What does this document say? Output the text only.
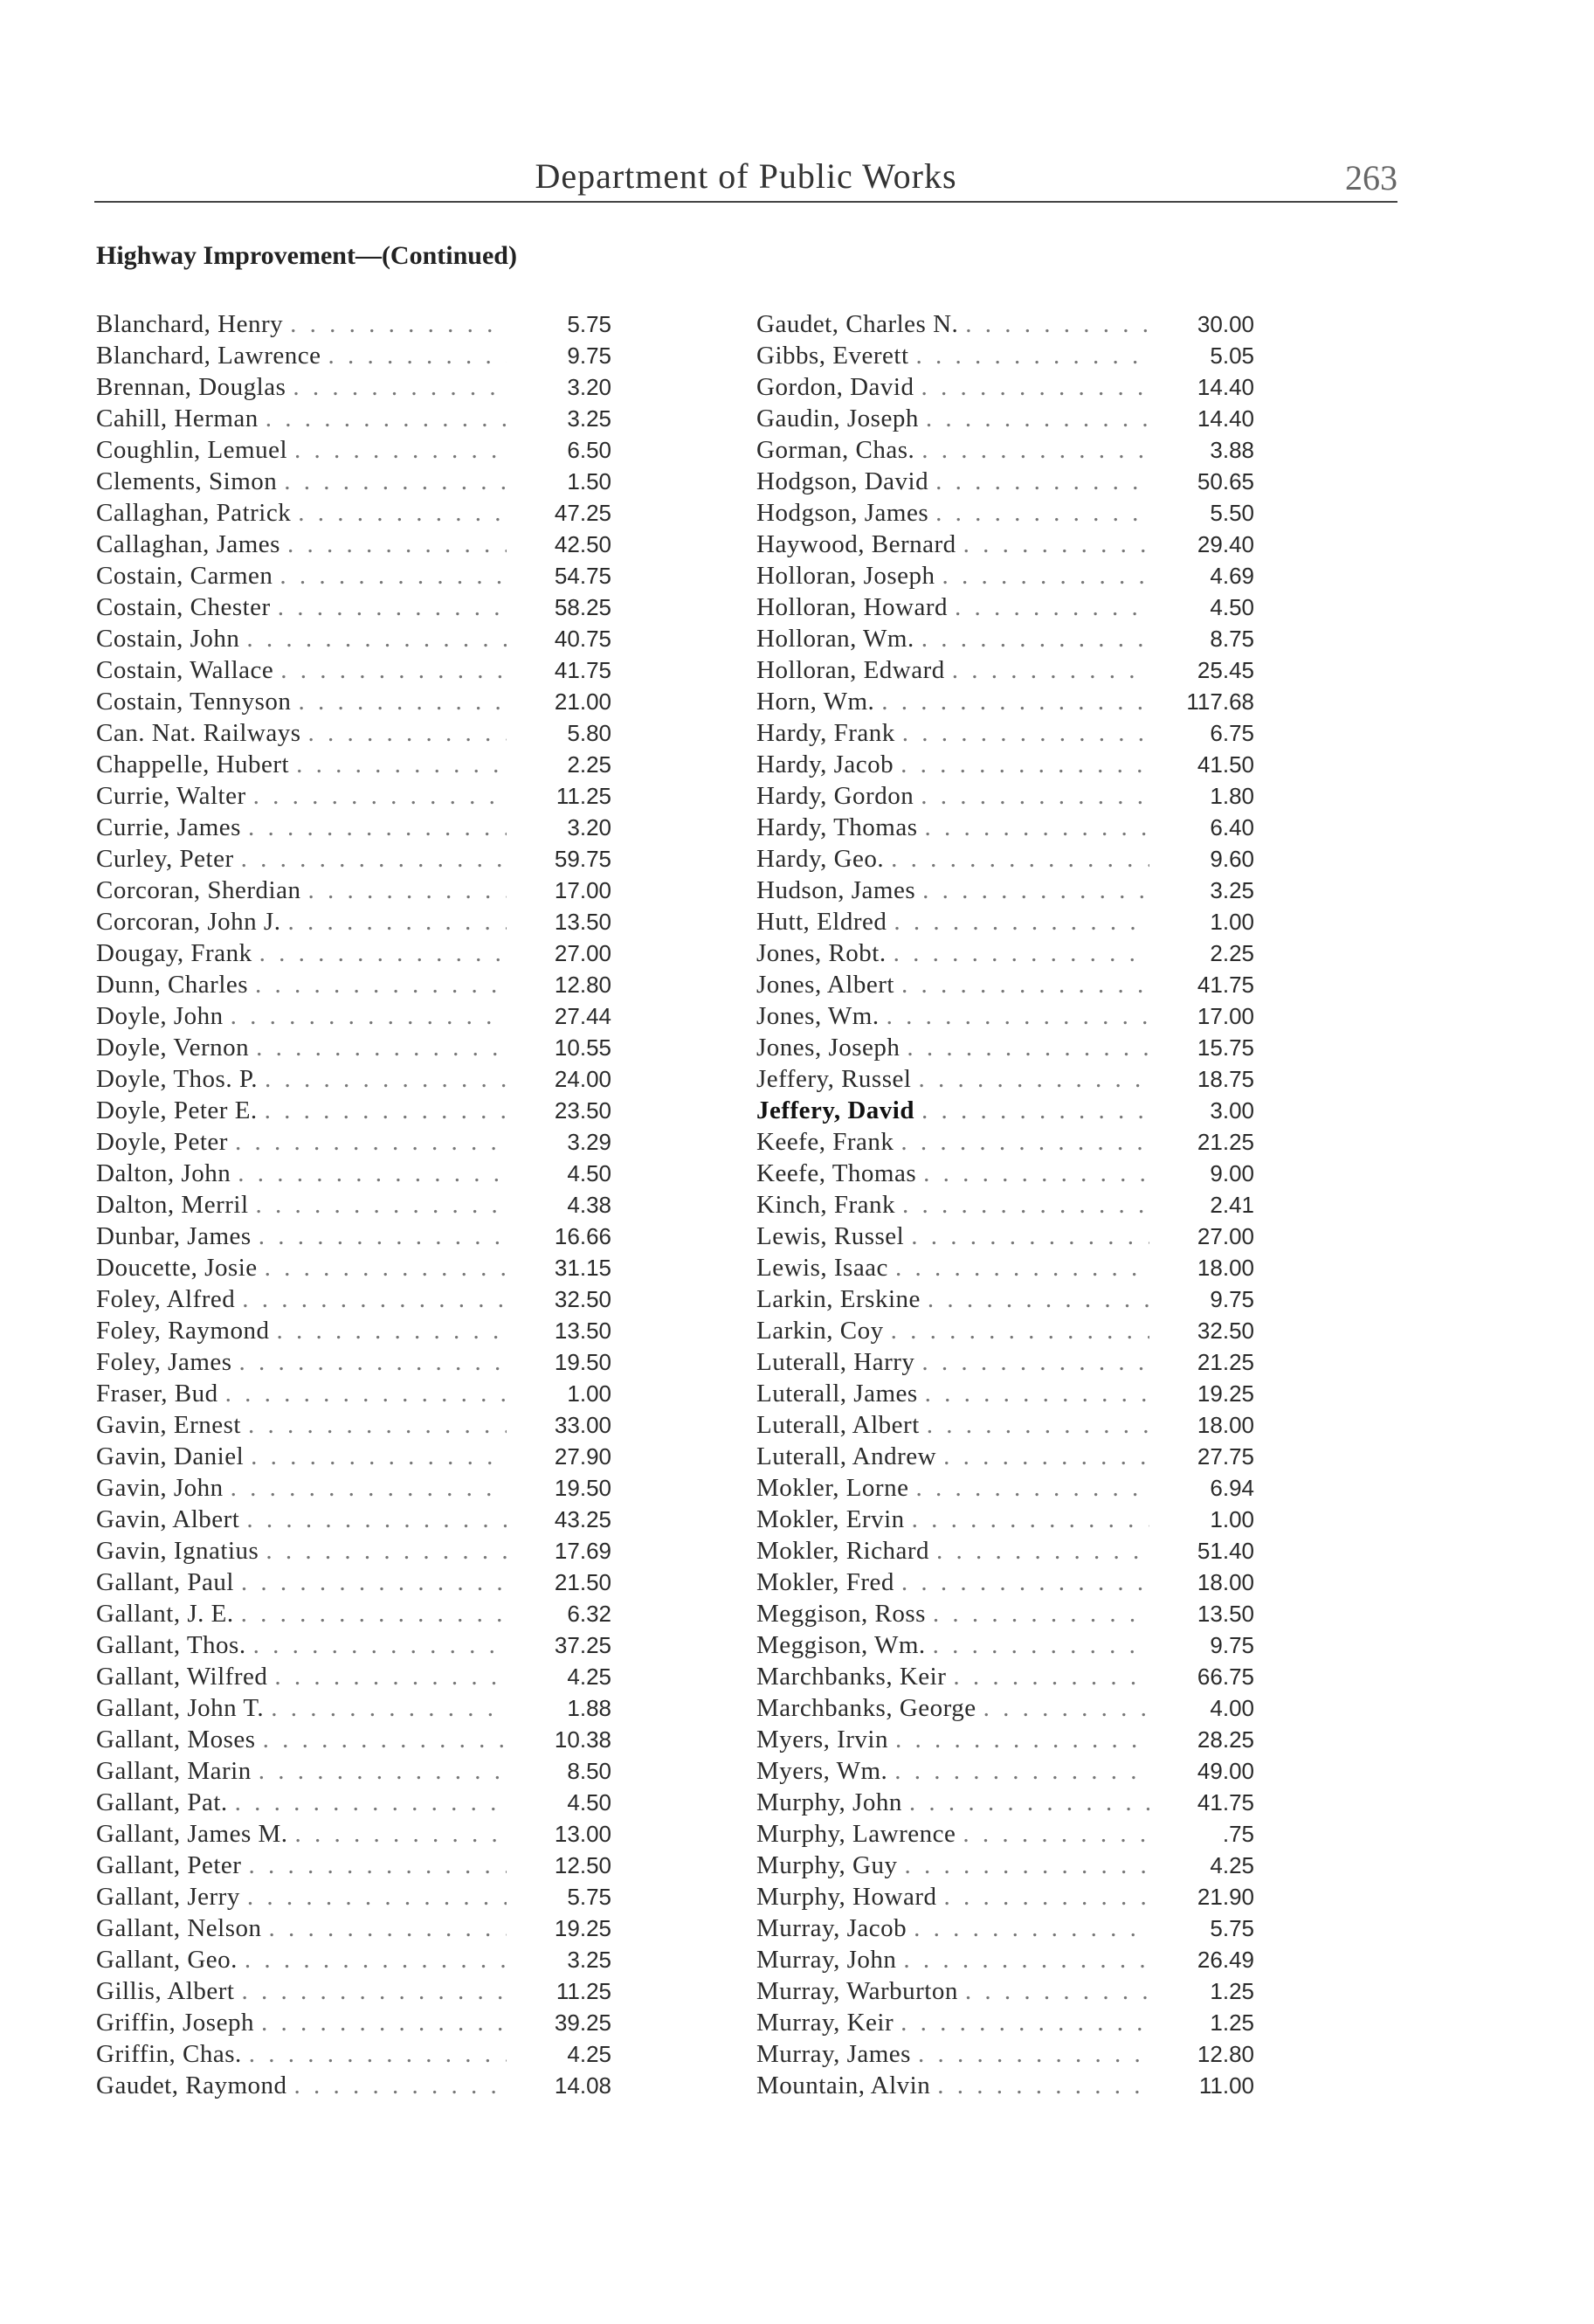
Department of Public Works	263
Highway Improvement—(Continued)
Blanchard, Henry . . .	5.75
Blanchard, Lawrence . . .	9.75
Brennan, Douglas . . .	3.20
Cahill, Herman . . .	3.25
Coughlin, Lemuel . . .	6.50
Clements, Simon . . .	1.50
Callaghan, Patrick . . .	47.25
Callaghan, James . . .	42.50
Costain, Carmen . . .	54.75
Costain, Chester . . .	58.25
Costain, John . . .	40.75
Costain, Wallace . . .	41.75
Costain, Tennyson . . .	21.00
Can. Nat. Railways . . .	5.80
Chappelle, Hubert . . .	2.25
Currie, Walter . . .	11.25
Currie, James . . .	3.20
Curley, Peter . . .	59.75
Corcoran, Sherdian . . .	17.00
Corcoran, John J. . . .	13.50
Dougay, Frank . . .	27.00
Dunn, Charles . . .	12.80
Doyle, John . . .	27.44
Doyle, Vernon . . .	10.55
Doyle, Thos. P. . . .	24.00
Doyle, Peter E. . . .	23.50
Doyle, Peter . . .	3.29
Dalton, John . . .	4.50
Dalton, Merril . . .	4.38
Dunbar, James . . .	16.66
Doucette, Josie . . .	31.15
Foley, Alfred . . .	32.50
Foley, Raymond . . .	13.50
Foley, James . . .	19.50
Fraser, Bud . . .	1.00
Gavin, Ernest . . .	33.00
Gavin, Daniel . . .	27.90
Gavin, John . . .	19.50
Gavin, Albert . . .	43.25
Gavin, Ignatius . . .	17.69
Gallant, Paul . . .	21.50
Gallant, J. E. . . .	6.32
Gallant, Thos. . . .	37.25
Gallant, Wilfred . . .	4.25
Gallant, John T. . . .	1.88
Gallant, Moses . . .	10.38
Gallant, Marin . . .	8.50
Gallant, Pat. . . .	4.50
Gallant, James M. . . .	13.00
Gallant, Peter . . .	12.50
Gallant, Jerry . . .	5.75
Gallant, Nelson . . .	19.25
Gallant, Geo. . . .	3.25
Gillis, Albert . . .	11.25
Griffin, Joseph . . .	39.25
Griffin, Chas. . . .	4.25
Gaudet, Raymond . . .	14.08
Gaudet, Charles N. . . .	30.00
Gibbs, Everett . . .	5.05
Gordon, David . . .	14.40
Gaudin, Joseph . . .	14.40
Gorman, Chas. . . .	3.88
Hodgson, David . . .	50.65
Hodgson, James . . .	5.50
Haywood, Bernard . . .	29.40
Holloran, Joseph . . .	4.69
Holloran, Howard . . .	4.50
Holloran, Wm. . . .	8.75
Holloran, Edward . . .	25.45
Horn, Wm. . . .	117.68
Hardy, Frank . . .	6.75
Hardy, Jacob . . .	41.50
Hardy, Gordon . . .	1.80
Hardy, Thomas . . .	6.40
Hardy, Geo. . . .	9.60
Hudson, James . . .	3.25
Hutt, Eldred . . .	1.00
Jones, Robt. . . .	2.25
Jones, Albert . . .	41.75
Jones, Wm. . . .	17.00
Jones, Joseph . . .	15.75
Jeffery, Russel . . .	18.75
Jeffery, David . . .	3.00
Keefe, Frank . . .	21.25
Keefe, Thomas . . .	9.00
Kinch, Frank . . .	2.41
Lewis, Russel . . .	27.00
Lewis, Isaac . . .	18.00
Larkin, Erskine . . .	9.75
Larkin, Coy . . .	32.50
Luterall, Harry . . .	21.25
Luterall, James . . .	19.25
Luterall, Albert . . .	18.00
Luterall, Andrew . . .	27.75
Mokler, Lorne . . .	6.94
Mokler, Ervin . . .	1.00
Mokler, Richard . . .	51.40
Mokler, Fred . . .	18.00
Meggison, Ross . . .	13.50
Meggison, Wm. . . .	9.75
Marchbanks, Keir . . .	66.75
Marchbanks, George . . .	4.00
Myers, Irvin . . .	28.25
Myers, Wm. . . .	49.00
Murphy, John . . .	41.75
Murphy, Lawrence . . .	.75
Murphy, Guy . . .	4.25
Murphy, Howard . . .	21.90
Murray, Jacob . . .	5.75
Murray, John . . .	26.49
Murray, Warburton . . .	1.25
Murray, Keir . . .	1.25
Murray, James . . .	12.80
Mountain, Alvin . . .	11.00
